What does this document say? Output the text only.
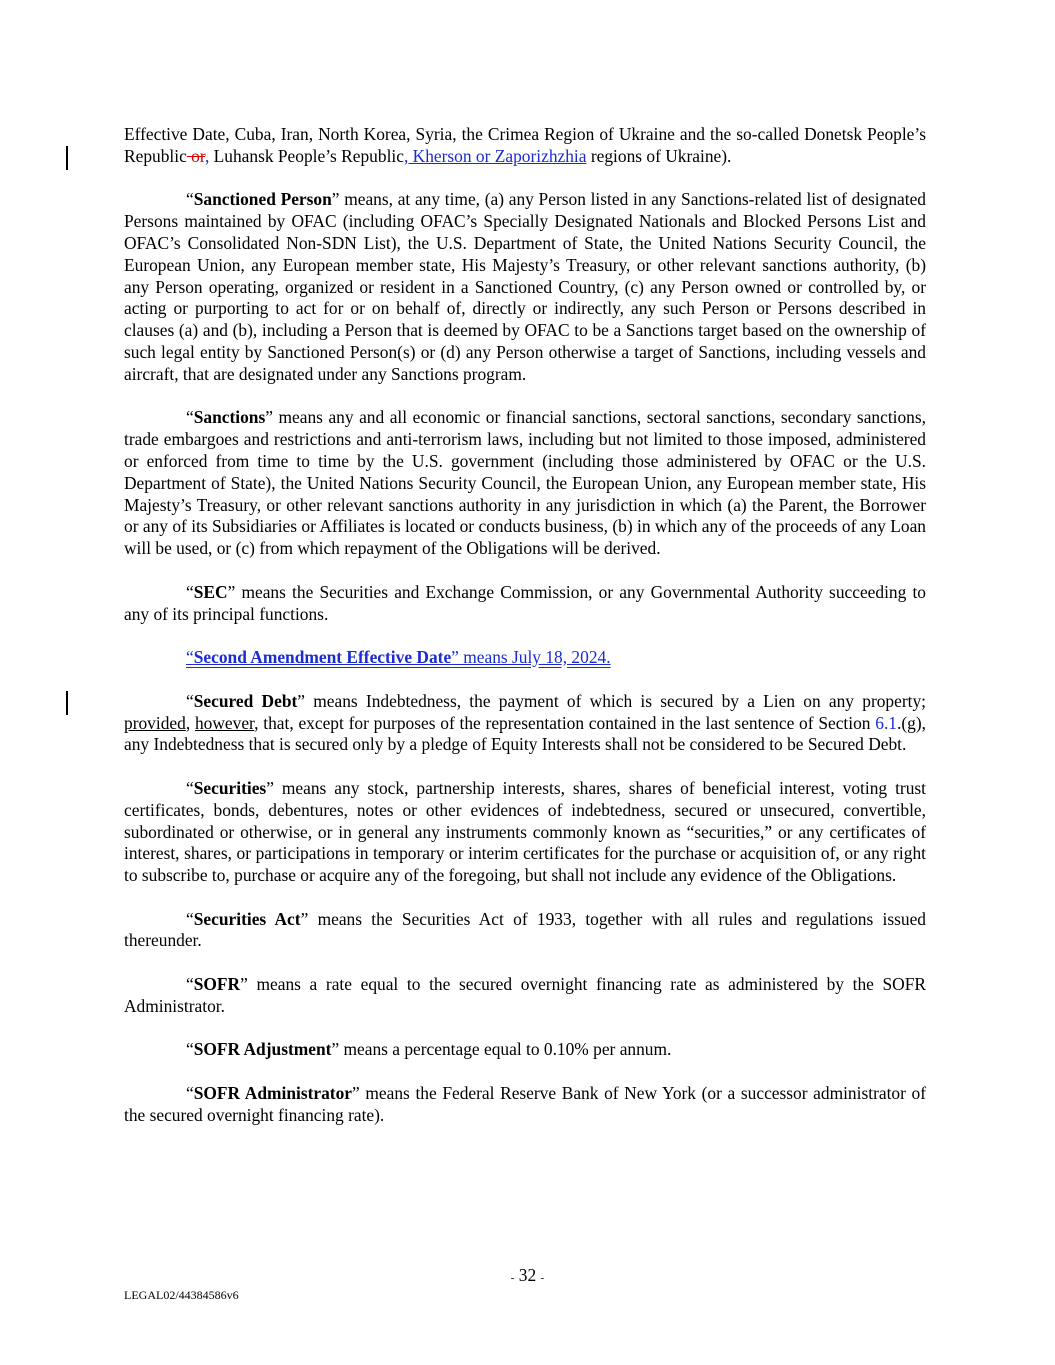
Effective Date, Cuba, Iran, North Korea, Syria, the Crimea Region of Ukraine and the so-called Donetsk People’s Republic or, Luhansk People’s Republic, Kherson or Zaporizhzhia regions of Ukraine).

“Sanctioned Person” means, at any time, (a) any Person listed in any Sanctions-related list of designated Persons maintained by OFAC (including OFAC’s Specially Designated Nationals and Blocked Persons List and OFAC’s Consolidated Non-SDN List), the U.S. Department of State, the United Nations Security Council, the European Union, any European member state, His Majesty’s Treasury, or other relevant sanctions authority, (b) any Person operating, organized or resident in a Sanctioned Country, (c) any Person owned or controlled by, or acting or purporting to act for or on behalf of, directly or indirectly, any such Person or Persons described in clauses (a) and (b), including a Person that is deemed by OFAC to be a Sanctions target based on the ownership of such legal entity by Sanctioned Person(s) or (d) any Person otherwise a target of Sanctions, including vessels and aircraft, that are designated under any Sanctions program.

“Sanctions” means any and all economic or financial sanctions, sectoral sanctions, secondary sanctions, trade embargoes and restrictions and anti-terrorism laws, including but not limited to those imposed, administered or enforced from time to time by the U.S. government (including those administered by OFAC or the U.S. Department of State), the United Nations Security Council, the European Union, any European member state, His Majesty’s Treasury, or other relevant sanctions authority in any jurisdiction in which (a) the Parent, the Borrower or any of its Subsidiaries or Affiliates is located or conducts business, (b) in which any of the proceeds of any Loan will be used, or (c) from which repayment of the Obligations will be derived.

“SEC” means the Securities and Exchange Commission, or any Governmental Authority succeeding to any of its principal functions.

“Second Amendment Effective Date” means July 18, 2024.

“Secured Debt” means Indebtedness, the payment of which is secured by a Lien on any property; provided, however, that, except for purposes of the representation contained in the last sentence of Section 6.1.(g), any Indebtedness that is secured only by a pledge of Equity Interests shall not be considered to be Secured Debt.

“Securities” means any stock, partnership interests, shares, shares of beneficial interest, voting trust certificates, bonds, debentures, notes or other evidences of indebtedness, secured or unsecured, convertible, subordinated or otherwise, or in general any instruments commonly known as “securities,” or any certificates of interest, shares, or participations in temporary or interim certificates for the purchase or acquisition of, or any right to subscribe to, purchase or acquire any of the foregoing, but shall not include any evidence of the Obligations.

“Securities Act” means the Securities Act of 1933, together with all rules and regulations issued thereunder.

“SOFR” means a rate equal to the secured overnight financing rate as administered by the SOFR Administrator.

“SOFR Adjustment” means a percentage equal to 0.10% per annum.

“SOFR Administrator” means the Federal Reserve Bank of New York (or a successor administrator of the secured overnight financing rate).

- 32 -
LEGAL02/44384586v6
